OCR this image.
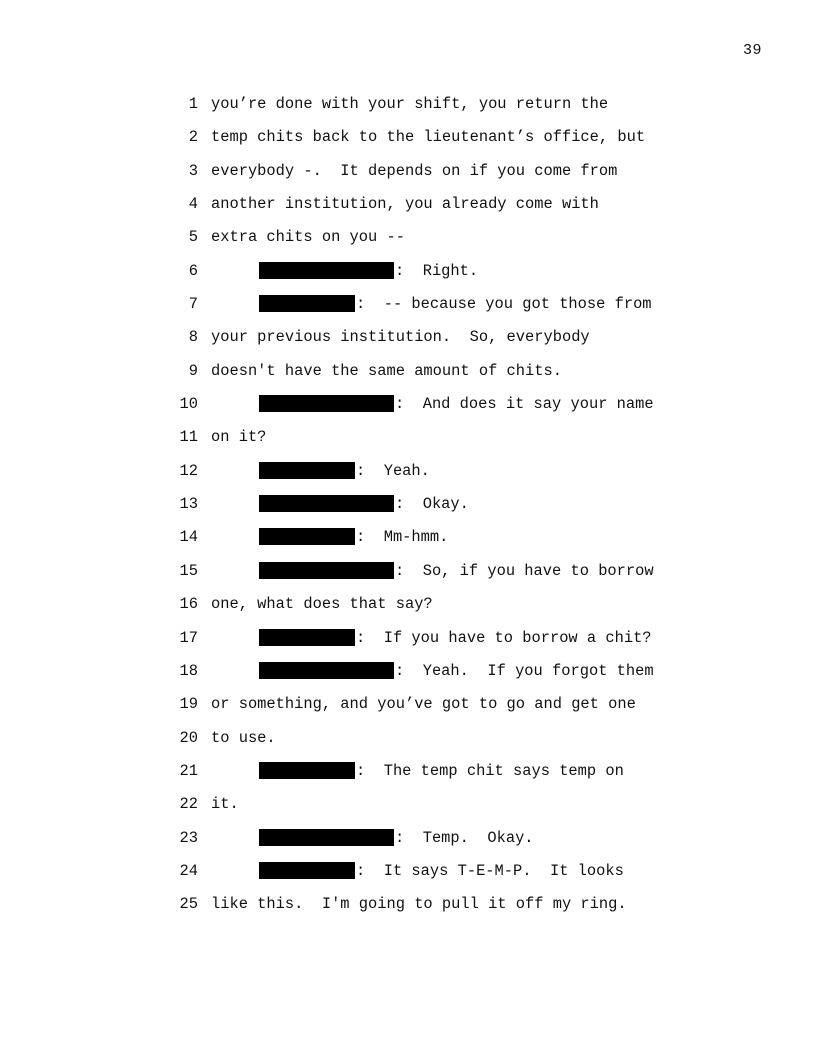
39
1 you’re done with your shift, you return the
2 temp chits back to the lieutenant’s office, but
3 everybody -.  It depends on if you come from
4 another institution, you already come with
5 extra chits on you --
6	:  Right.
7	:  -- because you got those from
8 your previous institution.  So, everybody
9 doesn't have the same amount of chits.
10	:  And does it say your name
11 on it?
12	:  Yeah.
13	:  Okay.
14	:  Mm-hmm.
15	:  So, if you have to borrow
16 one, what does that say?
17	:  If you have to borrow a chit?
18	:  Yeah.  If you forgot them
19 or something, and you’ve got to go and get one
20 to use.
21	:  The temp chit says temp on
22 it.
23	:  Temp.  Okay.
24	:  It says T-E-M-P.  It looks
25 like this.  I'm going to pull it off my ring.
